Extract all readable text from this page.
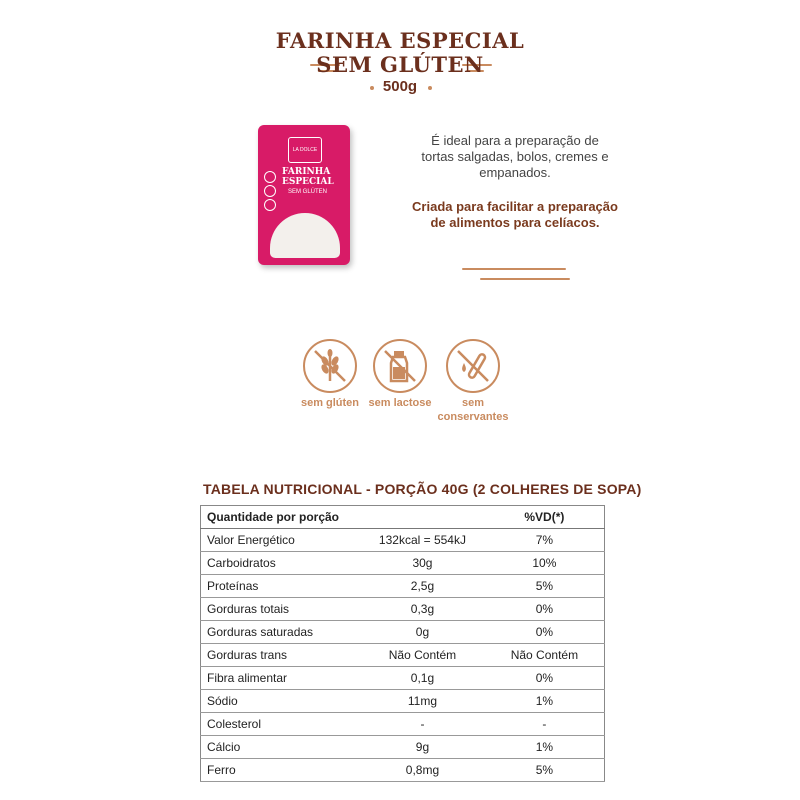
FARINHA ESPECIAL
SEM GLÚTEN
500g
LA DOLCE
FARINHA
ESPECIAL
SEM GLÚTEN
É ideal para a preparação de
tortas salgadas, bolos, cremes e
empanados.
Criada para facilitar a preparação
de alimentos para celíacos.
sem glúten sem lactose	sem
conservantes
TABELA NUTRICIONAL - PORÇÃO 40G (2 COLHERES DE SOPA)
Quantidade por porção		%VD(*)
Valor Energético	132kcal = 554kJ	7%
Carboidratos	30g	10%
Proteínas	2,5g	5%
Gorduras totais	0,3g	0%
Gorduras saturadas	0g	0%
Gorduras trans	Não Contém	Não Contém
Fibra alimentar	0,1g	0%
Sódio	11mg	1%
Colesterol	-	-
Cálcio	9g	1%
Ferro	0,8mg	5%
